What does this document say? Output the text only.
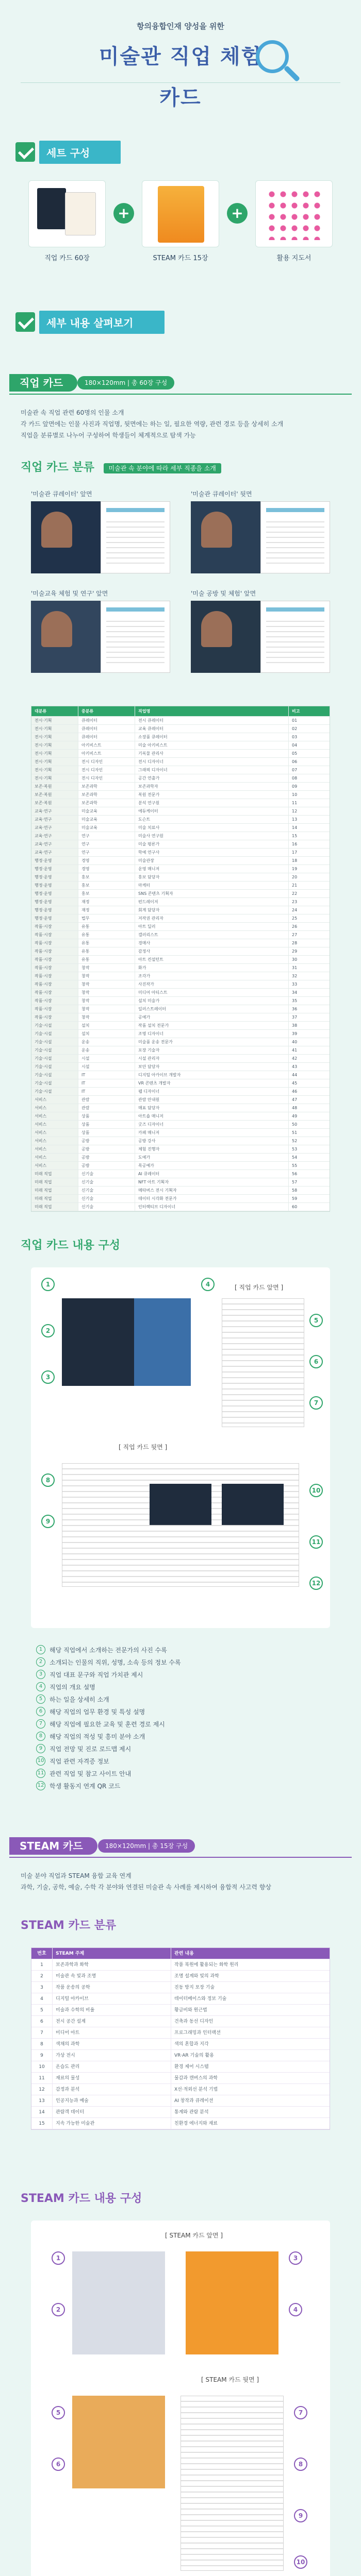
항의융합인재 양성을 위한
미술관 직업 체험 카드
세트 구성
직업 카드 60장
+
STEAM 카드 15장
+
활용 지도서
세부 내용 살펴보기
직업 카드	180×120mm | 총 60장 구성
미술관 속 직업 관련 60명의 인물 소개
각 카드 앞면에는 인물 사진과 직업명, 뒷면에는 하는 일, 필요한 역량, 관련 경로 등을 상세히 소개
직업을 분류별로 나누어 구성하여 학생들이 체계적으로 탐색 가능
직업 카드 분류 미술관 속 분야에 따라 세부 직종을 소개
'미술관 큐레이터' 앞면	'미술관 큐레이터' 뒷면
'미술교육 체험 및 연구' 앞면	'미술 공방 및 체험' 앞면
대분류	중분류	직업명	비고
전시·기획	큐레이터	전시 큐레이터	01
전시·기획	큐레이터	교육 큐레이터	02
전시·기획	큐레이터	소장품 큐레이터	03
전시·기획	아키비스트	미술 아키비스트	04
전시·기획	아키비스트	기록물 관리사	05
전시·기획	전시 디자인	전시 디자이너	06
전시·기획	전시 디자인	그래픽 디자이너	07
전시·기획	전시 디자인	공간 연출가	08
보존·복원	보존과학	보존과학자	09
보존·복원	보존과학	복원 전문가	10
보존·복원	보존과학	분석 연구원	11
교육·연구	미술교육	에듀케이터	12
교육·연구	미술교육	도슨트	13
교육·연구	미술교육	미술 치료사	14
교육·연구	연구	미술사 연구원	15
교육·연구	연구	미술 평론가	16
교육·연구	연구	학예 연구사	17
행정·운영	경영	미술관장	18
행정·운영	경영	운영 매니저	19
행정·운영	홍보	홍보 담당자	20
행정·운영	홍보	마케터	21
행정·운영	홍보	SNS 콘텐츠 기획자	22
행정·운영	재정	펀드레이저	23
행정·운영	재정	회계 담당자	24
행정·운영	법무	저작권 관리자	25
작품·시장	유통	아트 딜러	26
작품·시장	유통	갤러리스트	27
작품·시장	유통	경매사	28
작품·시장	유통	감정사	29
작품·시장	유통	아트 컨설턴트	30
작품·시장	창작	화가	31
작품·시장	창작	조각가	32
작품·시장	창작	사진작가	33
작품·시장	창작	미디어 아티스트	34
작품·시장	창작	설치 미술가	35
작품·시장	창작	일러스트레이터	36
작품·시장	창작	공예가	37
기술·시설	설치	작품 설치 전문가	38
기술·시설	설치	조명 디자이너	39
기술·시설	운송	미술품 운송 전문가	40
기술·시설	운송	포장 기술자	41
기술·시설	시설	시설 관리자	42
기술·시설	시설	보안 담당자	43
기술·시설	IT	디지털 아카이브 개발자	44
기술·시설	IT	VR 콘텐츠 개발자	45
기술·시설	IT	웹 디자이너	46
서비스	관람	관람 안내원	47
서비스	관람	매표 담당자	48
서비스	상품	아트숍 매니저	49
서비스	상품	굿즈 디자이너	50
서비스	상품	카페 매니저	51
서비스	공방	공방 강사	52
서비스	공방	체험 진행자	53
서비스	공방	도예가	54
서비스	공방	목공예가	55
미래 직업	신기술	AI 큐레이터	56
미래 직업	신기술	NFT 아트 기획자	57
미래 직업	신기술	메타버스 전시 기획자	58
미래 직업	신기술	데이터 시각화 전문가	59
미래 직업	신기술	인터랙티브 디자이너	60
직업 카드 내용 구성
[ 직업 카드 앞면 ]
[ 직업 카드 뒷면 ]
1
2
3
4
5
6
7
8
9
10
11
12
1	해당 직업에서 소개하는 전문가의 사진 수록
2	소개되는 인물의 직위, 성명, 소속 등의 정보 수록
3	직업 대표 문구와 직업 가치관 제시
4	직업의 개요 설명
5	하는 일을 상세히 소개
6	해당 직업의 업무 환경 및 특성 설명
7	해당 직업에 필요한 교육 및 훈련 경로 제시
8	해당 직업의 적성 및 흥미 분야 소개
9	직업 전망 및 진로 로드맵 제시
10 직업 관련 자격증 정보
11 관련 직업 및 참고 사이트 안내
12 학생 활동지 연계 QR 코드
STEAM 카드	180×120mm | 총 15장 구성
미술 분야 직업과 STEAM 융합 교육 연계
과학, 기술, 공학, 예술, 수학 각 분야와 연결된 미술관 속 사례를 제시하여 융합적 사고력 향상
STEAM 카드 분류
번호	STEAM 주제	관련 내용
1	보존과학과 화학	작품 복원에 활용되는 화학 원리
2	미술관 속 빛과 조명	조명 설계와 빛의 과학
3	작품 운송의 공학	진동 방지 포장 기술
4	디지털 아카이브	데이터베이스와 정보 기술
5	미술과 수학의 비율	황금비와 원근법
6	전시 공간 설계	건축과 동선 디자인
7	미디어 아트	프로그래밍과 인터랙션
8	색채의 과학	색의 혼합과 지각
9	가상 전시	VR·AR 기술의 활용
10	온습도 관리	환경 제어 시스템
11	재료의 물성	물감과 캔버스의 과학
12	감정과 분석	X선·적외선 분석 기법
13	인공지능과 예술	AI 창작과 큐레이션
14	관람객 데이터	통계와 관람 분석
15	지속 가능한 미술관	친환경 에너지와 재료
STEAM 카드 내용 구성
[ STEAM 카드 앞면 ]
[ STEAM 카드 뒷면 ]
1
2
3
4
5
6
7
8
9
10
